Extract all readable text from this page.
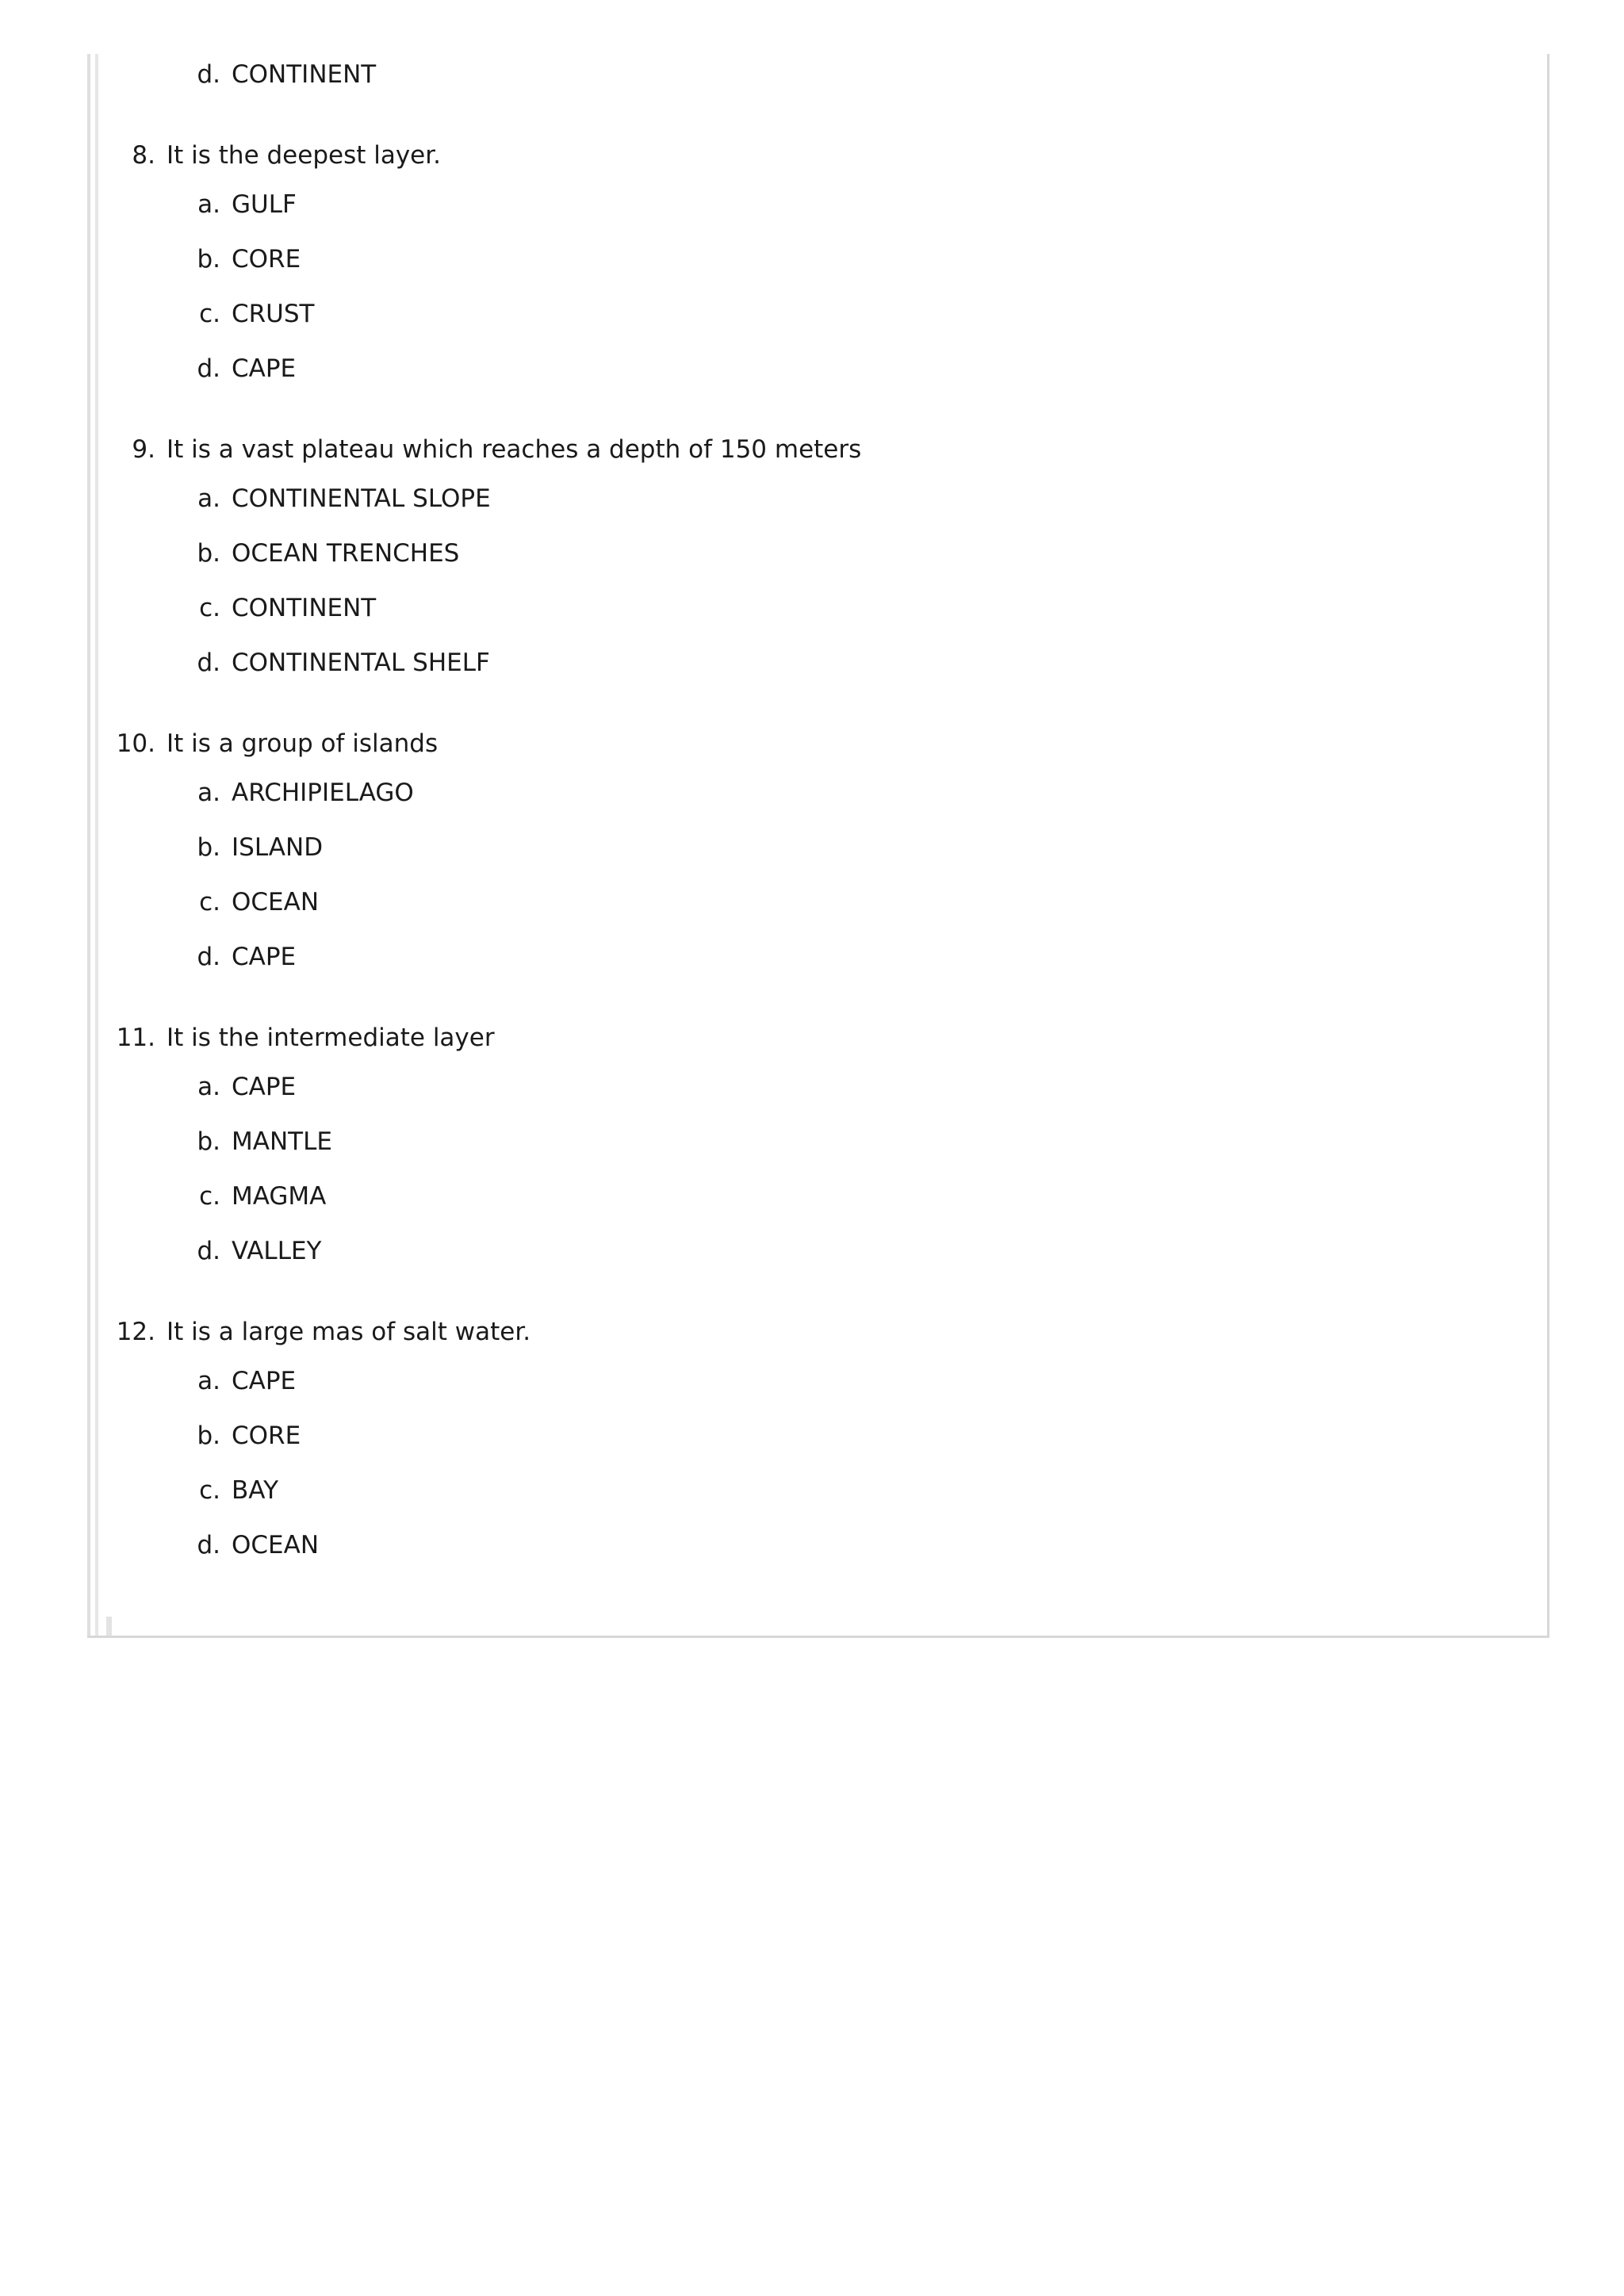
d. CONTINENT
8. It is the deepest layer.
a. GULF
b. CORE
c. CRUST
d. CAPE
9. It is a vast plateau which reaches a depth of 150 meters
a. CONTINENTAL SLOPE
b. OCEAN TRENCHES
c. CONTINENT
d. CONTINENTAL SHELF
10. It is a group of islands
a. ARCHIPIELAGO
b. ISLAND
c. OCEAN
d. CAPE
11. It is the intermediate layer
a. CAPE
b. MANTLE
c. MAGMA
d. VALLEY
12. It is a large mas of salt water.
a. CAPE
b. CORE
c. BAY
d. OCEAN
